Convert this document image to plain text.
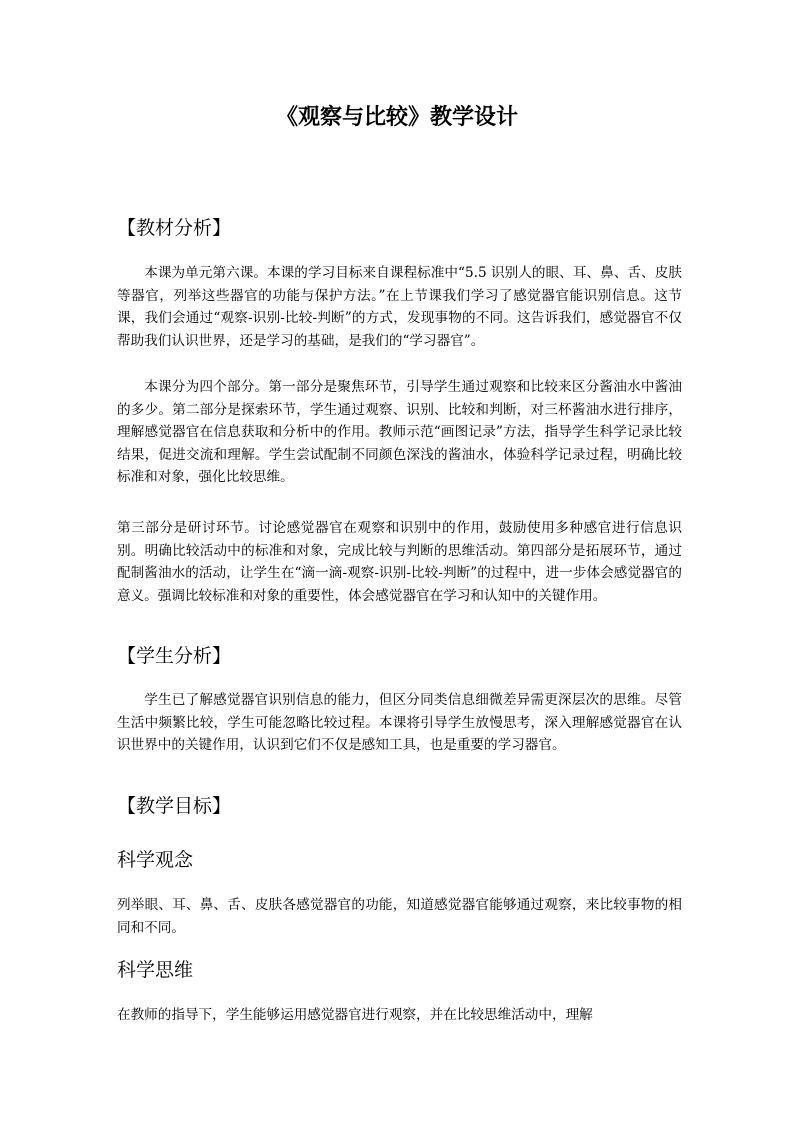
《观察与比较》教学设计
【教材分析】

本课为单元第六课。本课的学习目标来自课程标准中“5.5 识别人的眼、耳、鼻、舌、皮肤等器官，列举这些器官的功能与保护方法。”在上节课我们学习了感觉器官能识别信息。这节课，我们会通过“观察-识别-比较-判断”的方式，发现事物的不同。这告诉我们，感觉器官不仅帮助我们认识世界，还是学习的基础，是我们的“学习器官”。

本课分为四个部分。第一部分是聚焦环节，引导学生通过观察和比较来区分酱油水中酱油的多少。第二部分是探索环节，学生通过观察、识别、比较和判断，对三杯酱油水进行排序，理解感觉器官在信息获取和分析中的作用。教师示范“画图记录”方法，指导学生科学记录比较结果，促进交流和理解。学生尝试配制不同颜色深浅的酱油水，体验科学记录过程，明确比较标准和对象，强化比较思维。

第三部分是研讨环节。讨论感觉器官在观察和识别中的作用，鼓励使用多种感官进行信息识别。明确比较活动中的标准和对象，完成比较与判断的思维活动。第四部分是拓展环节，通过配制酱油水的活动，让学生在“滴一滴-观察-识别-比较-判断”的过程中，进一步体会感觉器官的意义。强调比较标准和对象的重要性，体会感觉器官在学习和认知中的关键作用。

【学生分析】

学生已了解感觉器官识别信息的能力，但区分同类信息细微差异需更深层次的思维。尽管生活中频繁比较，学生可能忽略比较过程。本课将引导学生放慢思考，深入理解感觉器官在认识世界中的关键作用，认识到它们不仅是感知工具，也是重要的学习器官。

【教学目标】
科学观念

列举眼、耳、鼻、舌、皮肤各感觉器官的功能，知道感觉器官能够通过观察，来比较事物的相同和不同。

科学思维

在教师的指导下，学生能够运用感觉器官进行观察，并在比较思维活动中，理解
